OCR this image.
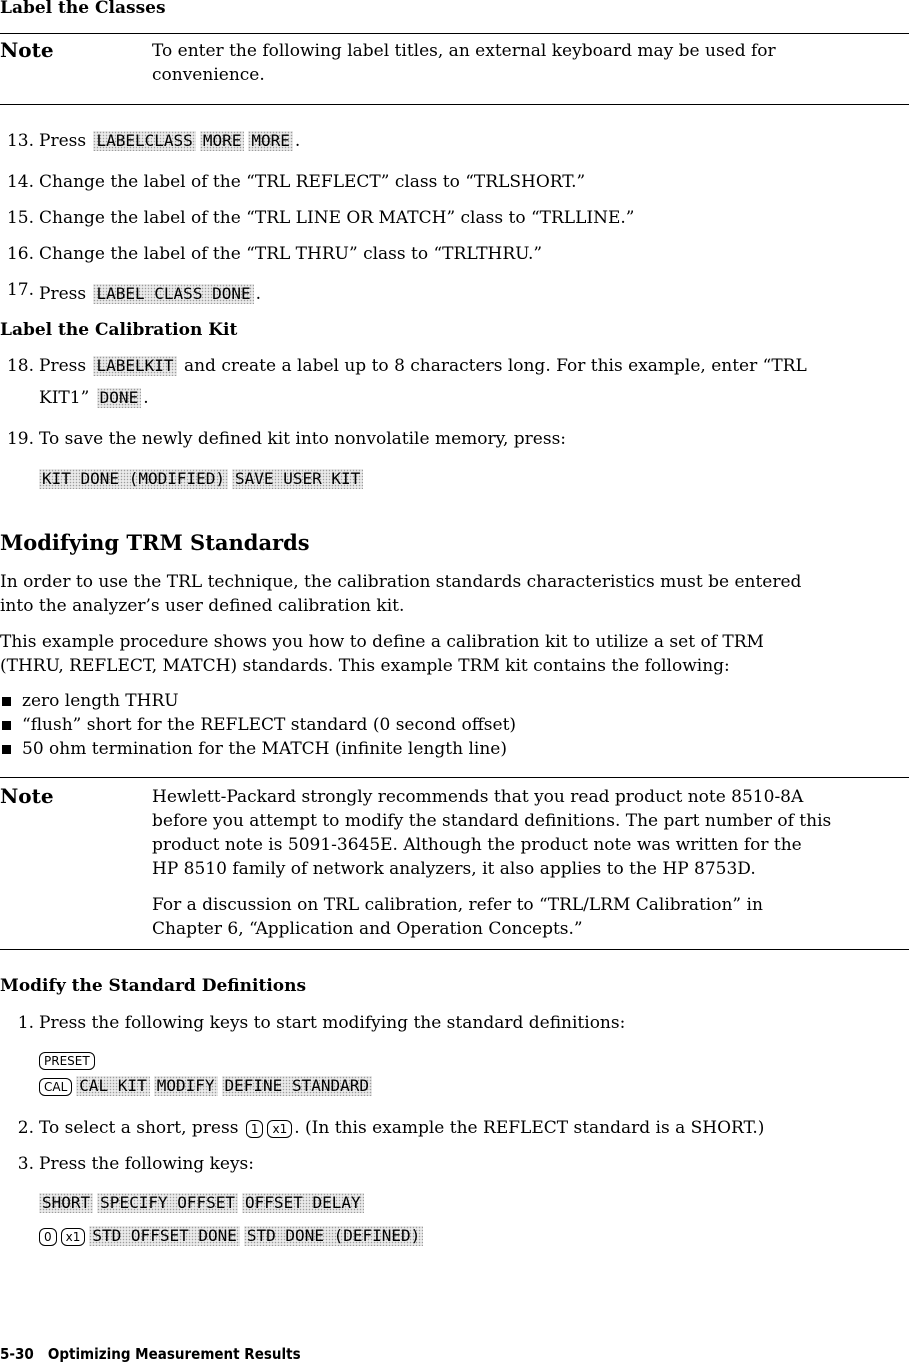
Label the Classes
Note	To enter the following label titles, an external keyboard may be used for
convenience.
13. Press LABELCLASS MORE MORE .
14. Change the label of the “TRL REFLECT” class to “TRLSHORT.”
15. Change the label of the “TRL LINE OR MATCH” class to “TRLLINE.”
16. Change the label of the “TRL THRU” class to “TRLTHRU.”
17. Press LABEL CLASS DONE .
Label the Calibration Kit
18. Press LABELKIT and create a label up to 8 characters long. For this example, enter “TRL
KIT1” DONE .
19. To save the newly defined kit into nonvolatile memory, press:
KIT DONE (MODIFIED) SAVE USER KIT
Modifying TRM Standards
In order to use the TRL technique, the calibration standards characteristics must be entered
into the analyzer’s user defined calibration kit.
This example procedure shows you how to define a calibration kit to utilize a set of TRM
(THRU, REFLECT, MATCH) standards. This example TRM kit contains the following:
zero length THRU
“flush” short for the REFLECT standard (0 second offset)
50 ohm termination for the MATCH (infinite length line)
Note	Hewlett-Packard strongly recommends that you read product note 8510-8A
before you attempt to modify the standard definitions. The part number of this
product note is 5091-3645E. Although the product note was written for the
HP 8510 family of network analyzers, it also applies to the HP 8753D.
For a discussion on TRL calibration, refer to “TRL/LRM Calibration” in
Chapter 6, “Application and Operation Concepts.”
Modify the Standard Definitions
1. Press the following keys to start modifying the standard definitions:
PRESET
CAL CAL KIT MODIFY DEFINE STANDARD
2. To select a short, press 1 x1 . (In this example the REFLECT standard is a SHORT.)
3. Press the following keys:
SHORT SPECIFY OFFSET OFFSET DELAY
0 x1 STD OFFSET DONE STD DONE (DEFINED)
5-30   Optimizing Measurement Results
